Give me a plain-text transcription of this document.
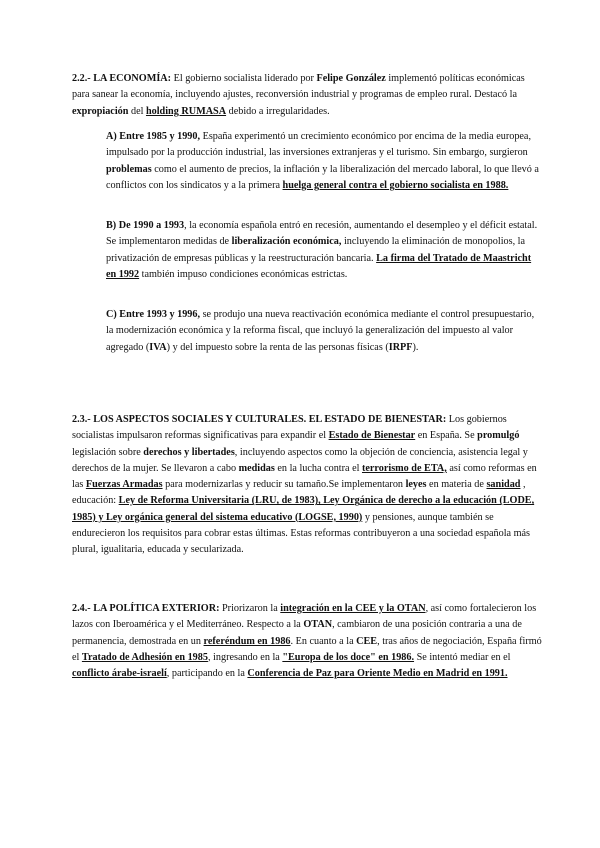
2.2.- LA ECONOMÍA: El gobierno socialista liderado por Felipe González implementó políticas económicas para sanear la economía, incluyendo ajustes, reconversión industrial y programas de empleo rural. Destacó la expropiación del holding RUMASA debido a irregularidades.

A) Entre 1985 y 1990, España experimentó un crecimiento económico por encima de la media europea, impulsado por la producción industrial, las inversiones extranjeras y el turismo. Sin embargo, surgieron problemas como el aumento de precios, la inflación y la liberalización del mercado laboral, lo que llevó a conflictos con los sindicatos y a la primera huelga general contra el gobierno socialista en 1988.

B) De 1990 a 1993, la economía española entró en recesión, aumentando el desempleo y el déficit estatal. Se implementaron medidas de liberalización económica, incluyendo la eliminación de monopolios, la privatización de empresas públicas y la reestructuración bancaria. La firma del Tratado de Maastricht en 1992 también impuso condiciones económicas estrictas.

C) Entre 1993 y 1996, se produjo una nueva reactivación económica mediante el control presupuestario, la modernización económica y la reforma fiscal, que incluyó la generalización del impuesto al valor agregado (IVA) y del impuesto sobre la renta de las personas físicas (IRPF).

2.3.- LOS ASPECTOS SOCIALES Y CULTURALES. EL ESTADO DE BIENESTAR: Los gobiernos socialistas impulsaron reformas significativas para expandir el Estado de Bienestar en España. Se promulgó legislación sobre derechos y libertades, incluyendo aspectos como la objeción de conciencia, asistencia legal y derechos de la mujer. Se llevaron a cabo medidas en la lucha contra el terrorismo de ETA, así como reformas en las Fuerzas Armadas para modernizarlas y reducir su tamaño.Se implementaron leyes en materia de sanidad , educación: Ley de Reforma Universitaria (LRU, de 1983), Ley Orgánica de derecho a la educación (LODE, 1985) y Ley orgánica general del sistema educativo (LOGSE, 1990) y pensiones, aunque también se endurecieron los requisitos para cobrar estas últimas. Estas reformas contribuyeron a una sociedad española más plural, igualitaria, educada y secularizada.

2.4.- LA POLÍTICA EXTERIOR: Priorizaron la integración en la CEE y la OTAN, así como fortalecieron los lazos con Iberoamérica y el Mediterráneo. Respecto a la OTAN, cambiaron de una posición contraria a una de permanencia, demostrada en un referéndum en 1986. En cuanto a la CEE, tras años de negociación, España firmó el Tratado de Adhesión en 1985, ingresando en la "Europa de los doce" en 1986. Se intentó mediar en el conflicto árabe-israelí, participando en la Conferencia de Paz para Oriente Medio en Madrid en 1991.
